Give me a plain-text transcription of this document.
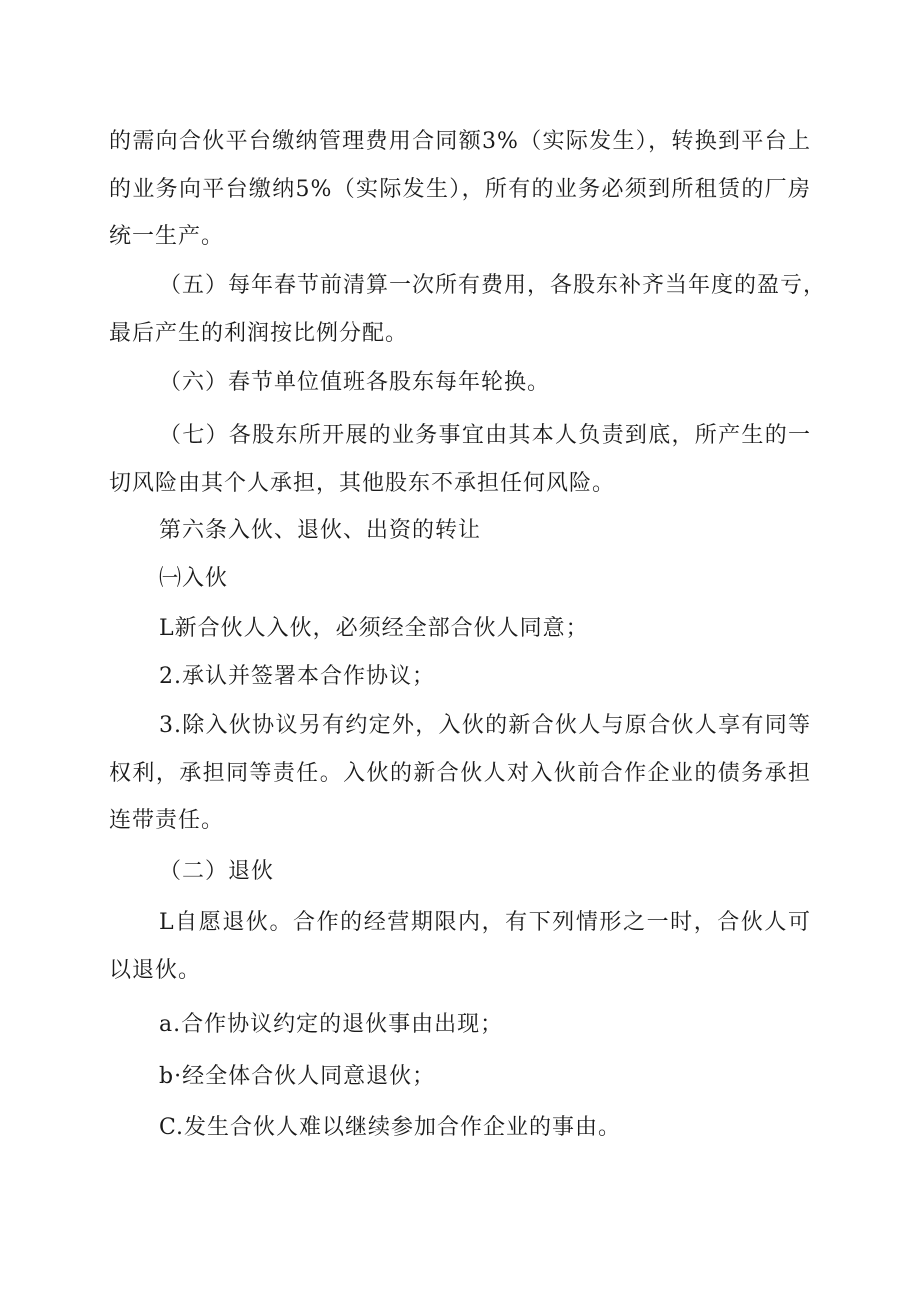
的需向合伙平台缴纳管理费用合同额3%（实际发生），转换到平台上

的业务向平台缴纳5%（实际发生），所有的业务必须到所租赁的厂房

统一生产。

（五）每年春节前清算一次所有费用，各股东补齐当年度的盈亏，

最后产生的利润按比例分配。

（六）春节单位值班各股东每年轮换。

（七）各股东所开展的业务事宜由其本人负责到底，所产生的一

切风险由其个人承担，其他股东不承担任何风险。

第六条入伙、退伙、出资的转让

㈠入伙

L新合伙人入伙，必须经全部合伙人同意；

2.承认并签署本合作协议；

3.除入伙协议另有约定外，入伙的新合伙人与原合伙人享有同等

权利，承担同等责任。入伙的新合伙人对入伙前合作企业的债务承担

连带责任。

（二）退伙

L自愿退伙。合作的经营期限内，有下列情形之一时，合伙人可

以退伙。

a.合作协议约定的退伙事由出现；

b·经全体合伙人同意退伙；

C.发生合伙人难以继续参加合作企业的事由。
